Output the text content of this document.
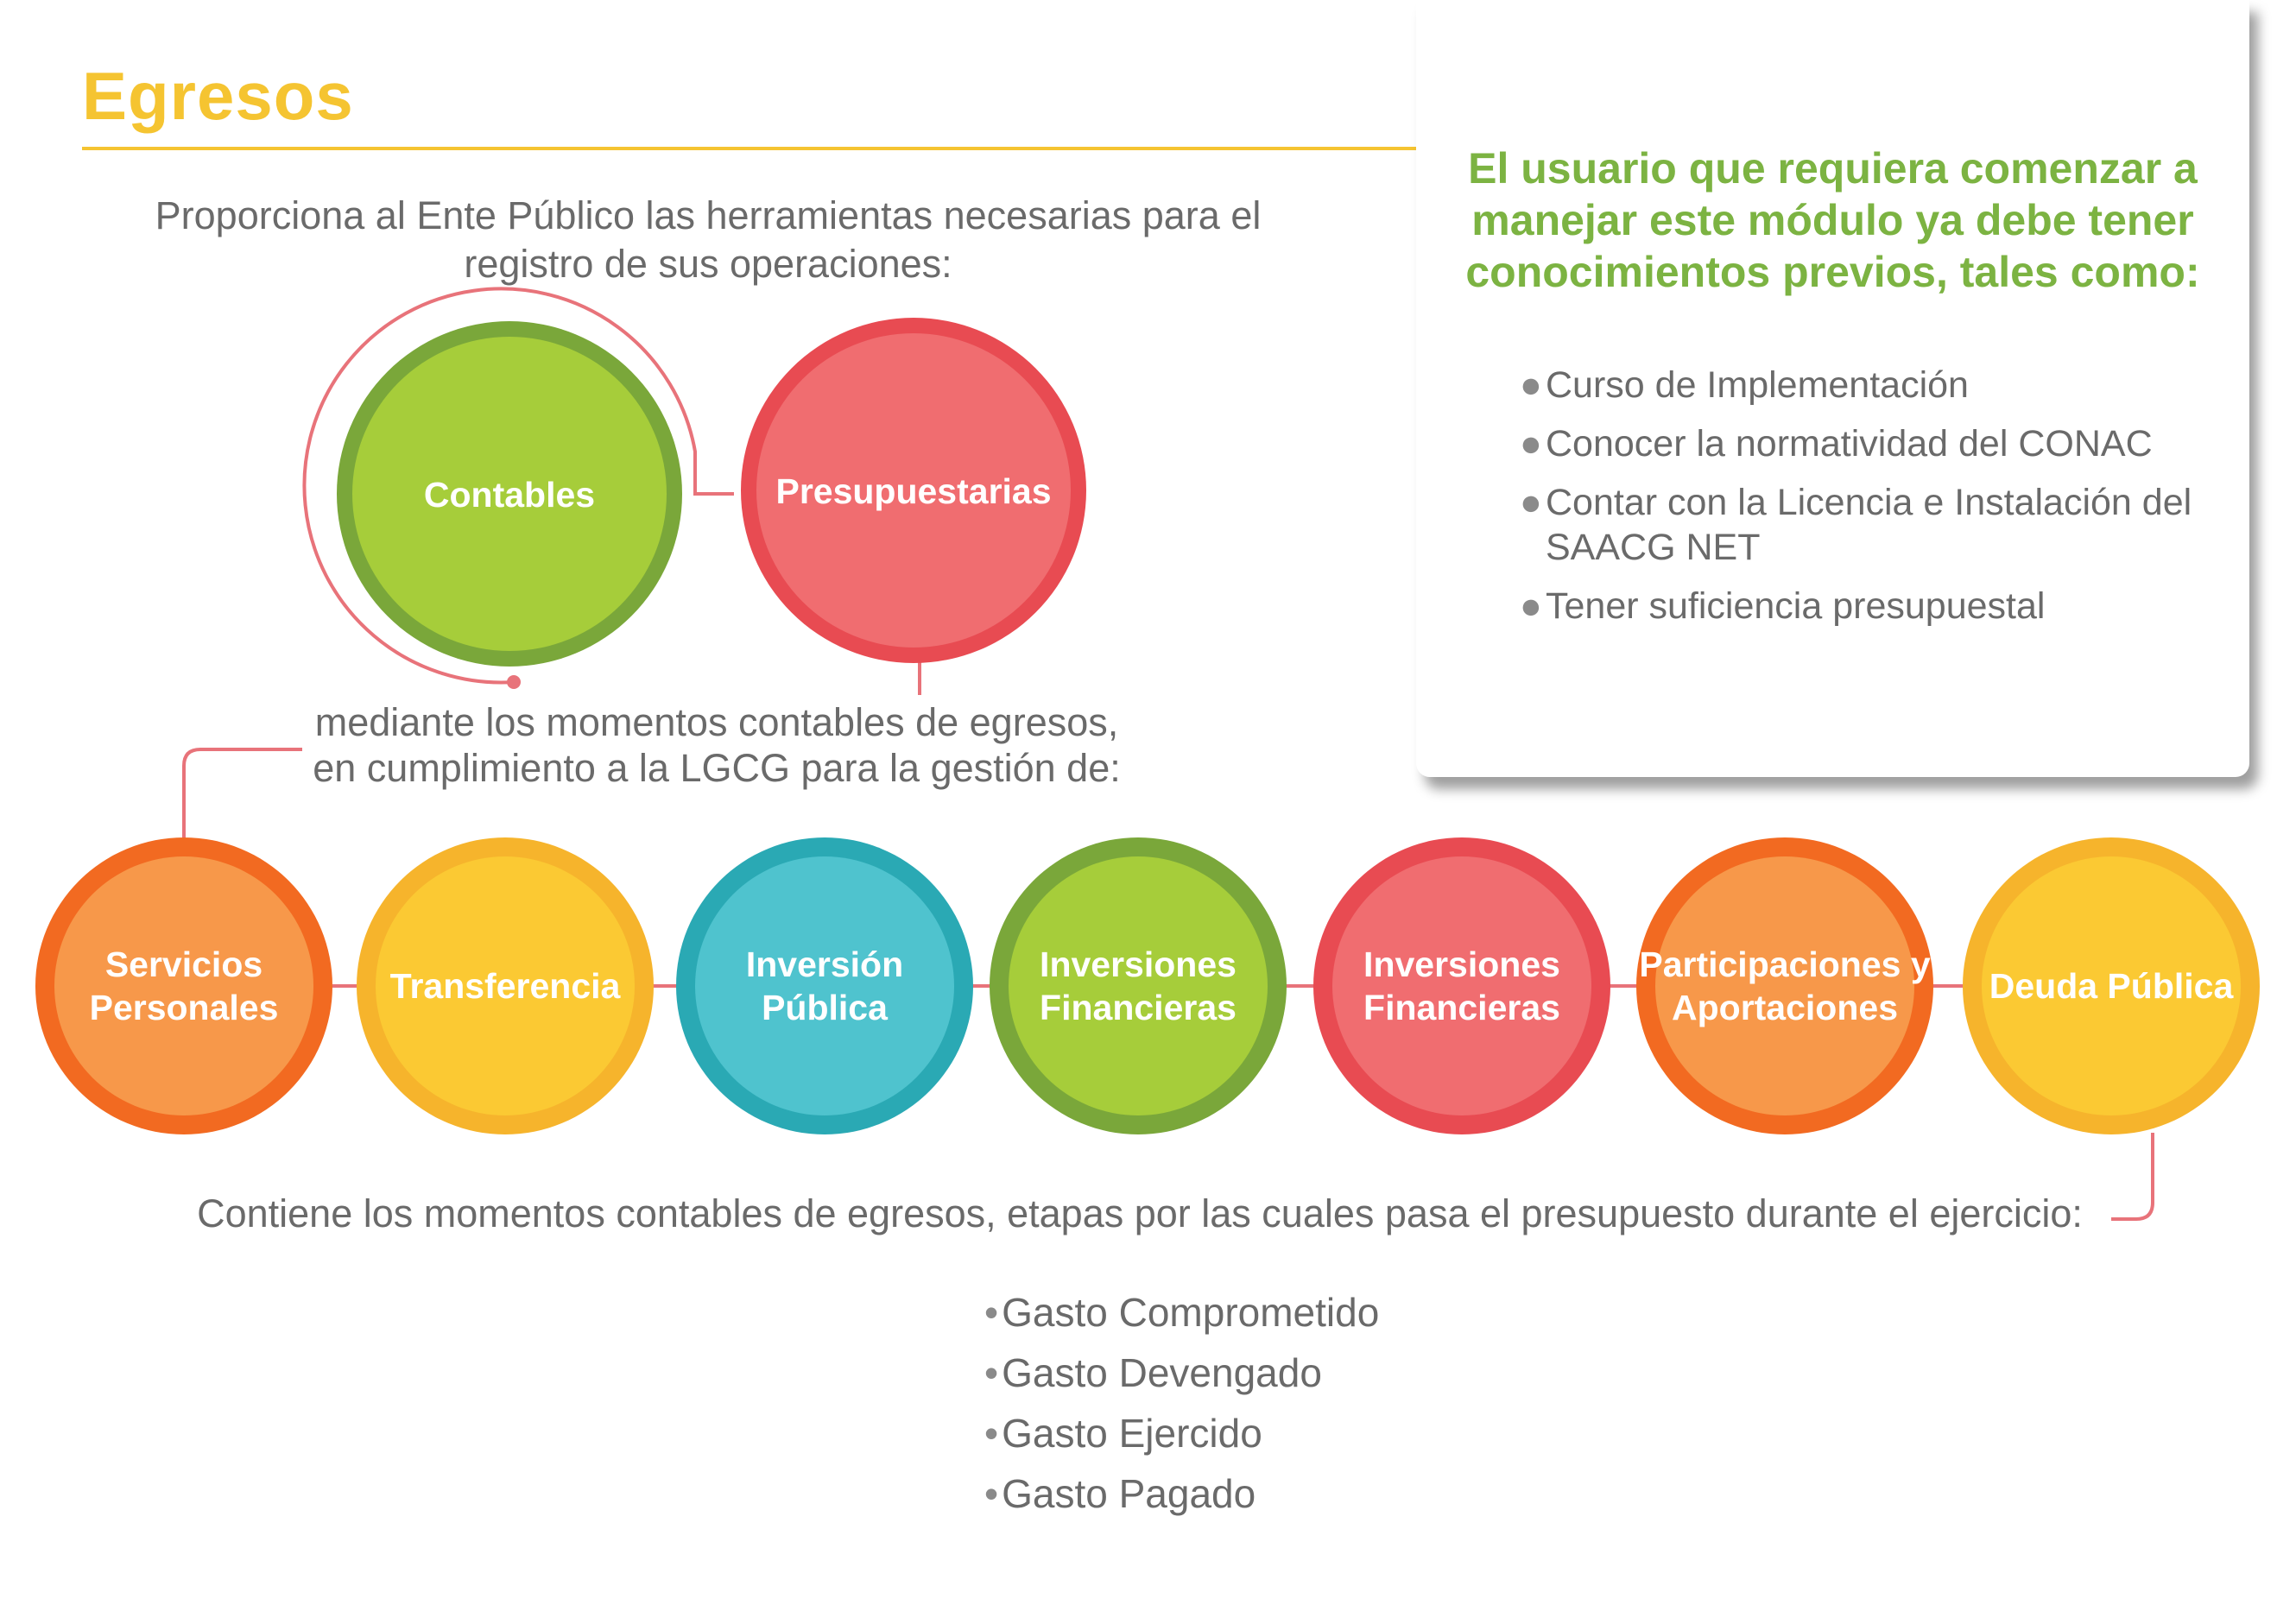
Egresos
Proporciona al Ente Público las herramientas necesarias para el registro de sus operaciones:
Contables	Presupuestarias
Servicios
Personales
Transferencia
Inversión
Pública
Inversiones
Financieras
Inversiones
Financieras
Participaciones y
Aportaciones
Deuda Pública
mediante los momentos contables de egresos,
en cumplimiento a la LGCG para la gestión de:
Contiene los momentos contables de egresos, etapas por las cuales pasa el presupuesto durante el ejercicio:
•Gasto Comprometido
•Gasto Devengado
•Gasto Ejercido
•Gasto Pagado
El usuario que requiera comenzar a
manejar este módulo ya debe tener
conocimientos previos, tales como:
● Curso de Implementación
● Conocer la normatividad del CONAC
● Contar con la Licencia e Instalación del SAACG NET
● Tener suficiencia presupuestal
